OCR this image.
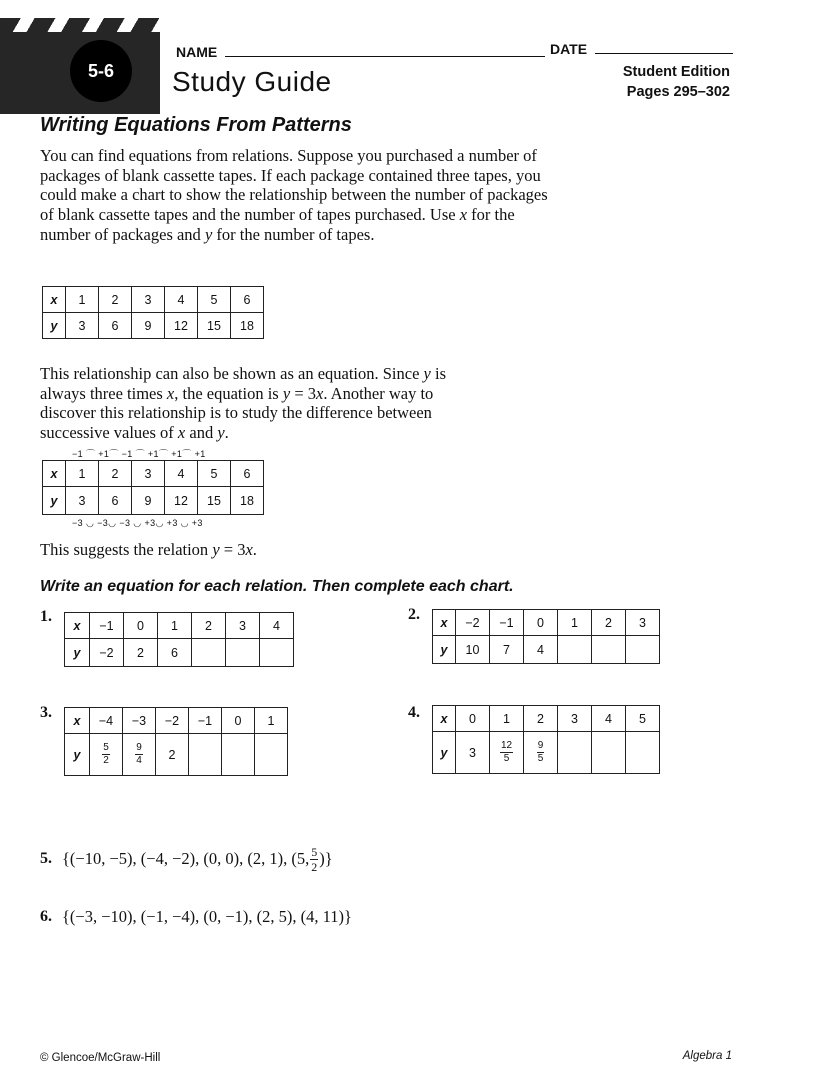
5-6
NAME	DATE
Study Guide	Student Edition
Pages 295–302
Writing Equations From Patterns
You can find equations from relations. Suppose you purchased a number of packages of blank cassette tapes. If each package contained three tapes, you could make a chart to show the relationship between the number of packages of blank cassette tapes and the number of tapes purchased. Use x for the number of packages and y for the number of tapes.
x	1	2	3	4	5	6
y	3	6	9	12	15	18
This relationship can also be shown as an equation. Since y is
always three times x, the equation is y = 3x. Another way to
discover this relationship is to study the difference between
successive values of x and y.
−1 ⌒ +1⌒ −1 ⌒ +1⌒ +1⌒ +1
x	1	2	3	4	5	6
y	3	6	9	12	15	18
−3 ◡ −3◡ −3 ◡ +3◡ +3 ◡ +3
This suggests the relation y = 3x.
Write an equation for each relation. Then complete each chart.
1.
x	−1	0	1	2	3	4
y	−2	2	6			
2. x	−2	−1	0	1	2	3
y	10	7	4			
3. x	−4	−3	−2	−1	0	1
y	$\frac{5}{2}$	$\frac{9}{4}$	2			
4. x	0	1	2	3	4	5
y	3	$\frac{12}{5}$	$\frac{9}{5}$

5. {(−10, −5), (−4, −2), (0, 0), (2, 1), (5, $\frac{5}{2}$ )}
6. {(−3, −10), (−1, −4), (0, −1), (2, 5), (4, 11)}
© Glencoe/McGraw-Hill	Algebra 1
